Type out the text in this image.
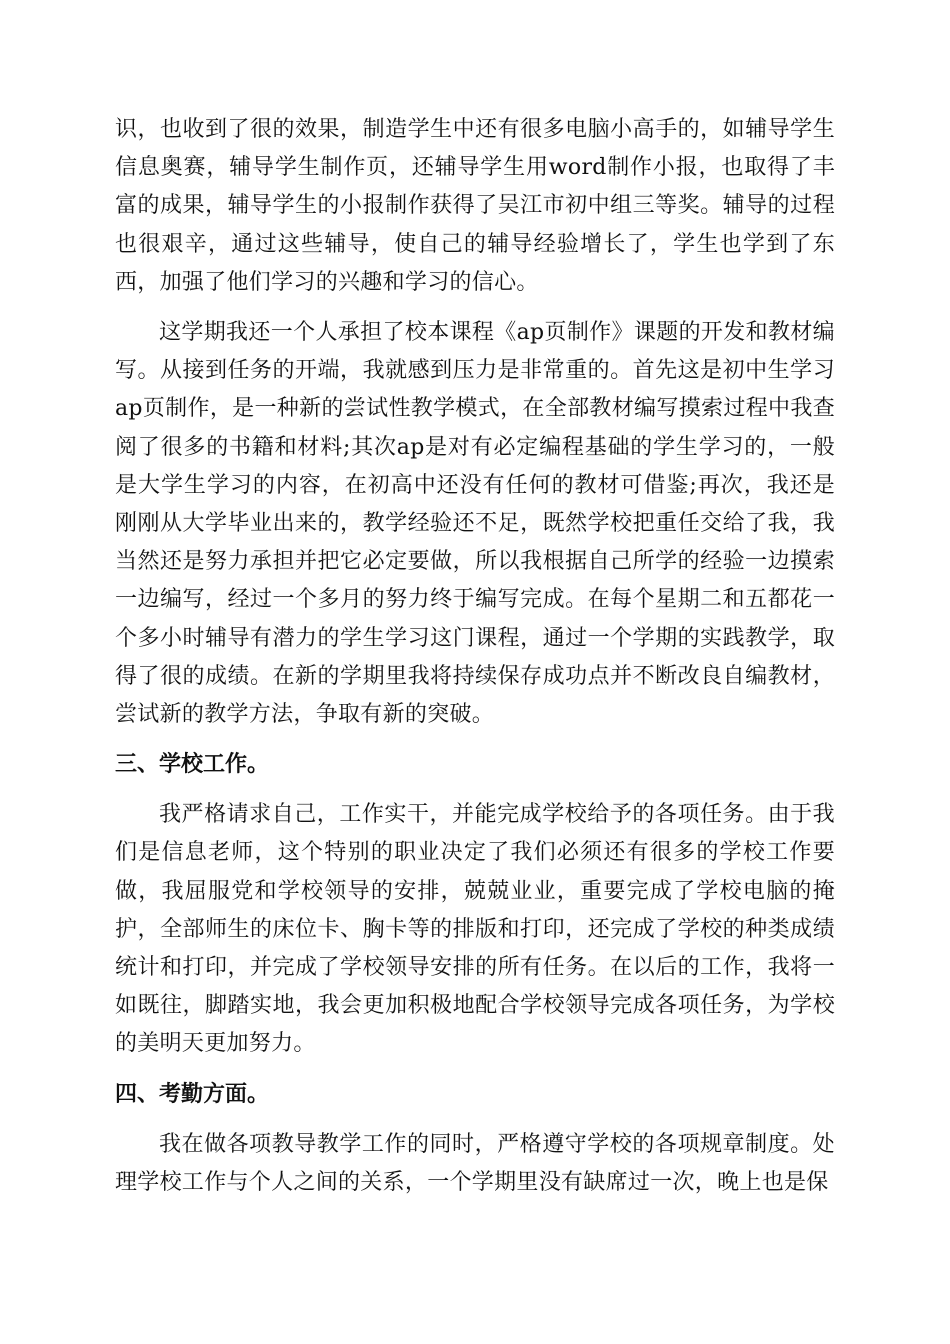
识，也收到了很的效果，制造学生中还有很多电脑小高手的，如辅导学生信息奥赛，辅导学生制作页，还辅导学生用word制作小报，也取得了丰富的成果，辅导学生的小报制作获得了吴江市初中组三等奖。辅导的过程也很艰辛，通过这些辅导，使自己的辅导经验增长了，学生也学到了东西，加强了他们学习的兴趣和学习的信心。

这学期我还一个人承担了校本课程《ap页制作》课题的开发和教材编写。从接到任务的开端，我就感到压力是非常重的。首先这是初中生学习ap页制作，是一种新的尝试性教学模式，在全部教材编写摸索过程中我查阅了很多的书籍和材料;其次ap是对有必定编程基础的学生学习的，一般是大学生学习的内容，在初高中还没有任何的教材可借鉴;再次，我还是刚刚从大学毕业出来的，教学经验还不足，既然学校把重任交给了我，我当然还是努力承担并把它必定要做，所以我根据自己所学的经验一边摸索一边编写，经过一个多月的努力终于编写完成。在每个星期二和五都花一个多小时辅导有潜力的学生学习这门课程，通过一个学期的实践教学，取得了很的成绩。在新的学期里我将持续保存成功点并不断改良自编教材，尝试新的教学方法，争取有新的突破。

三、学校工作。

我严格请求自己，工作实干，并能完成学校给予的各项任务。由于我们是信息老师，这个特别的职业决定了我们必须还有很多的学校工作要做，我屈服党和学校领导的安排，兢兢业业，重要完成了学校电脑的掩护，全部师生的床位卡、胸卡等的排版和打印，还完成了学校的种类成绩统计和打印，并完成了学校领导安排的所有任务。在以后的工作，我将一如既往，脚踏实地，我会更加积极地配合学校领导完成各项任务，为学校的美明天更加努力。

四、考勤方面。

我在做各项教导教学工作的同时，严格遵守学校的各项规章制度。处理学校工作与个人之间的关系，一个学期里没有缺席过一次，晚上也是保
